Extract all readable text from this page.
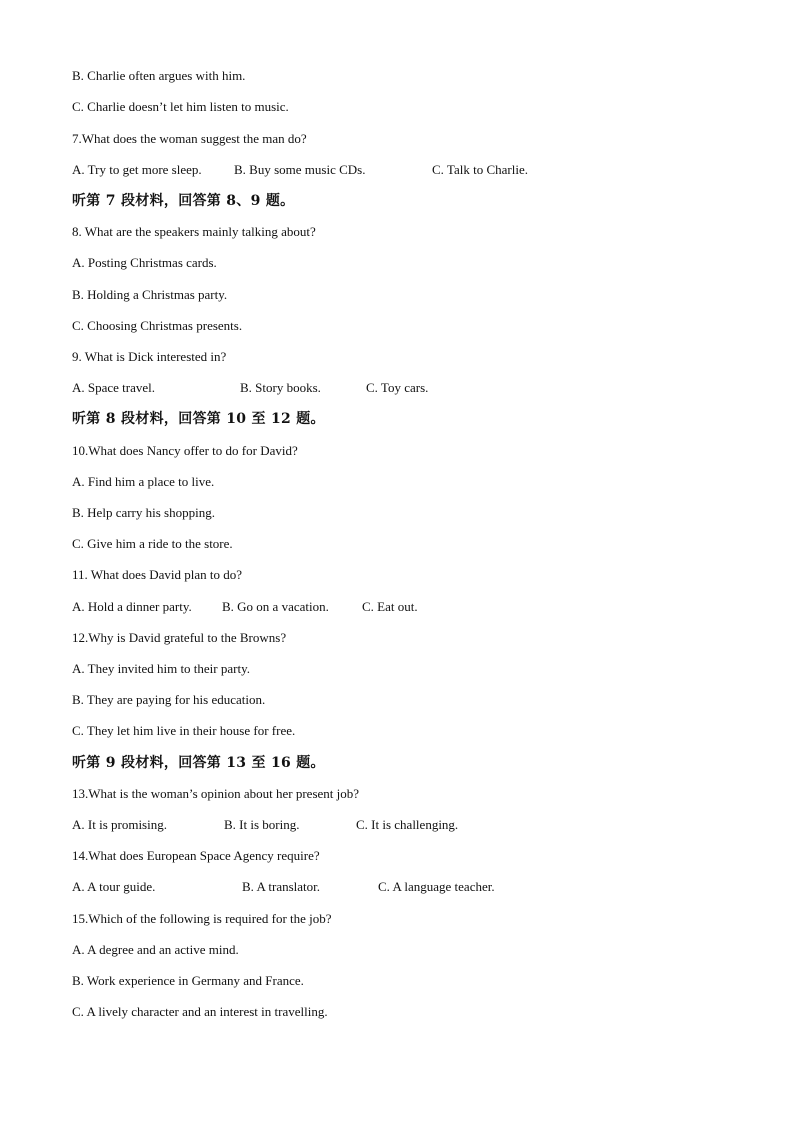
B. Charlie often argues with him.
C. Charlie doesn’t let him listen to music.
7.What does the woman suggest the man do?
A. Try to get more sleep. B. Buy some music CDs.	C. Talk to Charlie.
听第 7 段材料，回答第 8、9 题。
8. What are the speakers mainly talking about?
A. Posting Christmas cards.
B. Holding a Christmas party.
C. Choosing Christmas presents.
9. What is Dick interested in?
A. Space travel.	B. Story books.	C. Toy cars.
听第 8 段材料，回答第 10 至 12 题。
10.What does Nancy offer to do for David?
A. Find him a place to live.
B. Help carry his shopping.
C. Give him a ride to the store.
11. What does David plan to do?
A. Hold a dinner party. B. Go on a vacation.	C. Eat out.
12.Why is David grateful to the Browns?
A. They invited him to their party.
B. They are paying for his education.
C. They let him live in their house for free.
听第 9 段材料，回答第 13 至 16 题。
13.What is the woman’s opinion about her present job?
A. It is promising.	B. It is boring.	C. It is challenging.
14.What does European Space Agency require?
A. A tour guide.	B. A translator.	C. A language teacher.
15.Which of the following is required for the job?
A. A degree and an active mind.
B. Work experience in Germany and France.
C. A lively character and an interest in travelling.
